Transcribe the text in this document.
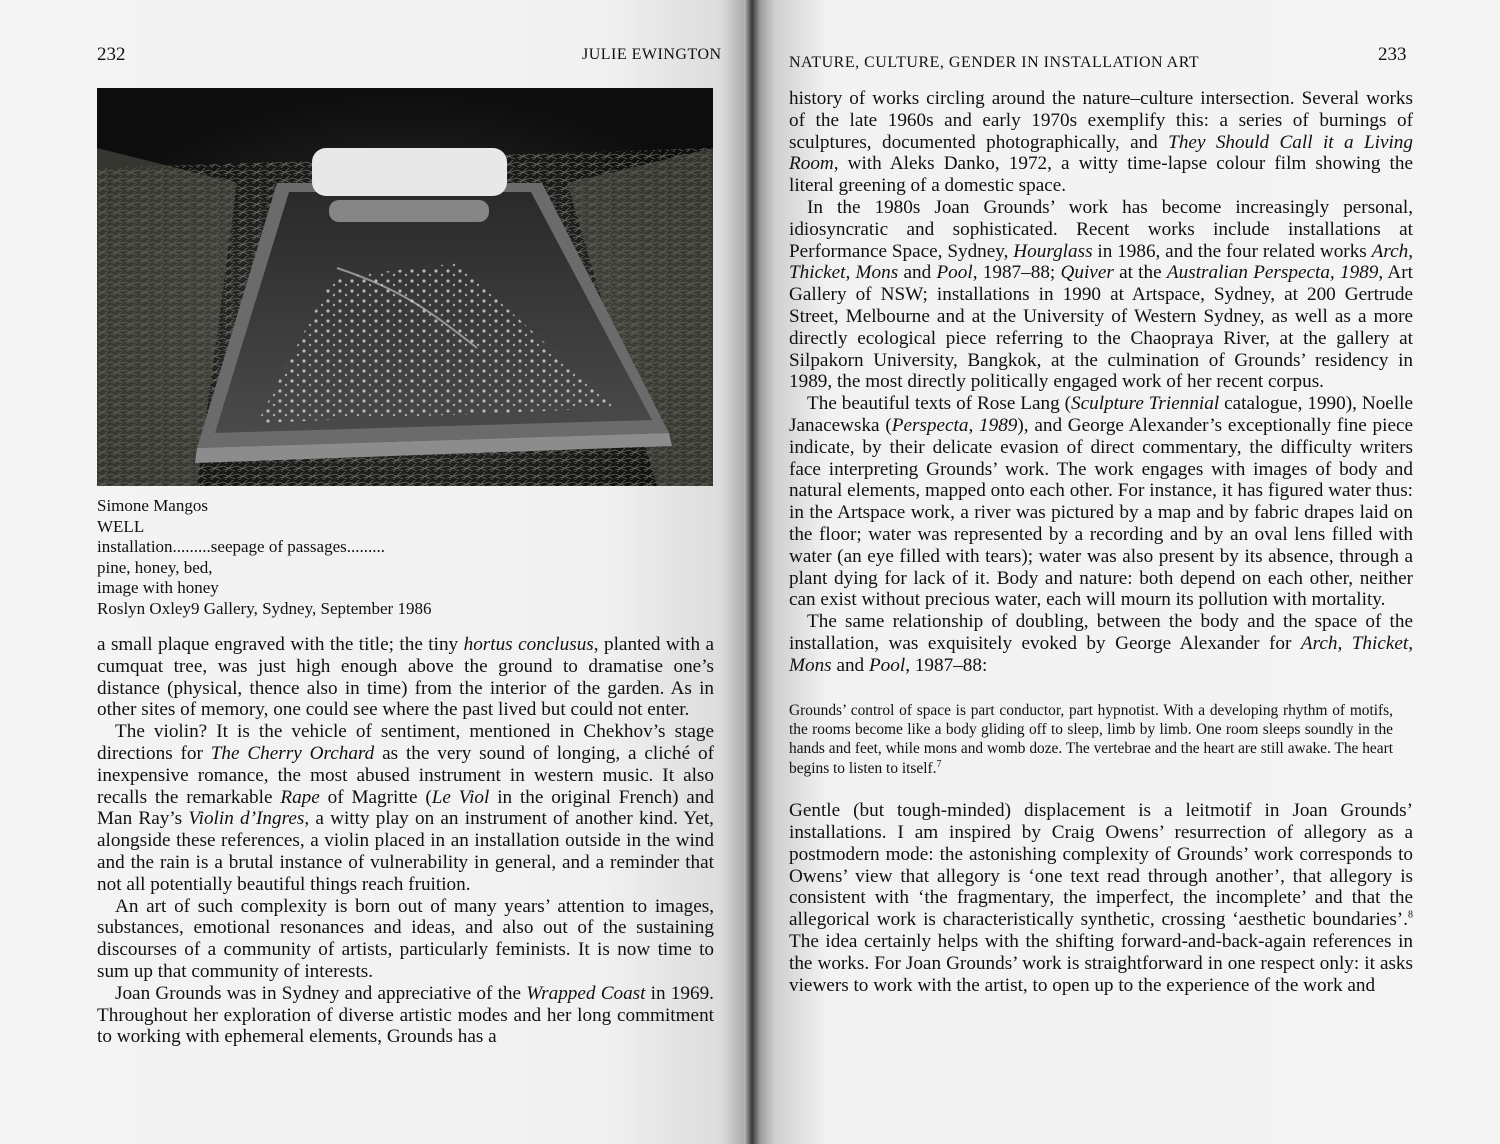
232	JULIE EWINGTON
Simone Mangos
WELL
installation.........seepage of passages.........
pine, honey, bed,
image with honey
Roslyn Oxley9 Gallery, Sydney, September 1986

a small plaque engraved with the title; the tiny hortus conclusus, planted with a cumquat tree, was just high enough above the ground to dramatise one’s distance (physical, thence also in time) from the interior of the garden. As in other sites of memory, one could see where the past lived but could not enter.

The violin? It is the vehicle of sentiment, mentioned in Chekhov’s stage directions for The Cherry Orchard as the very sound of longing, a cliché of inexpensive romance, the most abused instrument in western music. It also recalls the remarkable Rape of Magritte (Le Viol in the original French) and Man Ray’s Violin d’Ingres, a witty play on an instrument of another kind. Yet, alongside these references, a violin placed in an installation outside in the wind and the rain is a brutal instance of vulnerability in general, and a reminder that not all potentially beautiful things reach fruition.

An art of such complexity is born out of many years’ attention to images, substances, emotional resonances and ideas, and also out of the sustaining discourses of a community of artists, particularly feminists. It is now time to sum up that community of interests.

Joan Grounds was in Sydney and appreciative of the Wrapped Coast in 1969. Throughout her exploration of diverse artistic modes and her long commitment to working with ephemeral elements, Grounds has a

NATURE, CULTURE, GENDER IN INSTALLATION ART	233

history of works circling around the nature–culture intersection. Several works of the late 1960s and early 1970s exemplify this: a series of burnings of sculptures, documented photographically, and They Should Call it a Living Room, with Aleks Danko, 1972, a witty time-lapse colour film showing the literal greening of a domestic space.

In the 1980s Joan Grounds’ work has become increasingly personal, idiosyncratic and sophisticated. Recent works include installations at Performance Space, Sydney, Hourglass in 1986, and the four related works Arch, Thicket, Mons and Pool, 1987–88; Quiver at the Australian Perspecta, 1989, Art Gallery of NSW; installations in 1990 at Artspace, Sydney, at 200 Gertrude Street, Melbourne and at the University of Western Sydney, as well as a more directly ecological piece referring to the Chaopraya River, at the gallery at Silpakorn University, Bangkok, at the culmination of Grounds’ residency in 1989, the most directly politically engaged work of her recent corpus.

The beautiful texts of Rose Lang (Sculpture Triennial catalogue, 1990), Noelle Janacewska (Perspecta, 1989), and George Alexander’s exceptionally fine piece indicate, by their delicate evasion of direct commentary, the difficulty writers face interpreting Grounds’ work. The work engages with images of body and natural elements, mapped onto each other. For instance, it has figured water thus: in the Artspace work, a river was pictured by a map and by fabric drapes laid on the floor; water was represented by a recording and by an oval lens filled with water (an eye filled with tears); water was also present by its absence, through a plant dying for lack of it. Body and nature: both depend on each other, neither can exist without precious water, each will mourn its pollution with mortality.

The same relationship of doubling, between the body and the space of the installation, was exquisitely evoked by George Alexander for Arch, Thicket, Mons and Pool, 1987–88:

Grounds’ control of space is part conductor, part hypnotist. With a developing rhythm of motifs, the rooms become like a body gliding off to sleep, limb by limb. One room sleeps soundly in the hands and feet, while mons and womb doze. The vertebrae and the heart are still awake. The heart begins to listen to itself.$^7$

Gentle (but tough-minded) displacement is a leitmotif in Joan Grounds’ installations. I am inspired by Craig Owens’ resurrection of allegory as a postmodern mode: the astonishing complexity of Grounds’ work corresponds to Owens’ view that allegory is ‘one text read through another’, that allegory is consistent with ‘the fragmentary, the imperfect, the incomplete’ and that the allegorical work is characteristically synthetic, crossing ‘aesthetic boundaries’.$^8$ The idea certainly helps with the shifting forward-and-back-again references in the works. For Joan Grounds’ work is straightforward in one respect only: it asks viewers to work with the artist, to open up to the experience of the work and
